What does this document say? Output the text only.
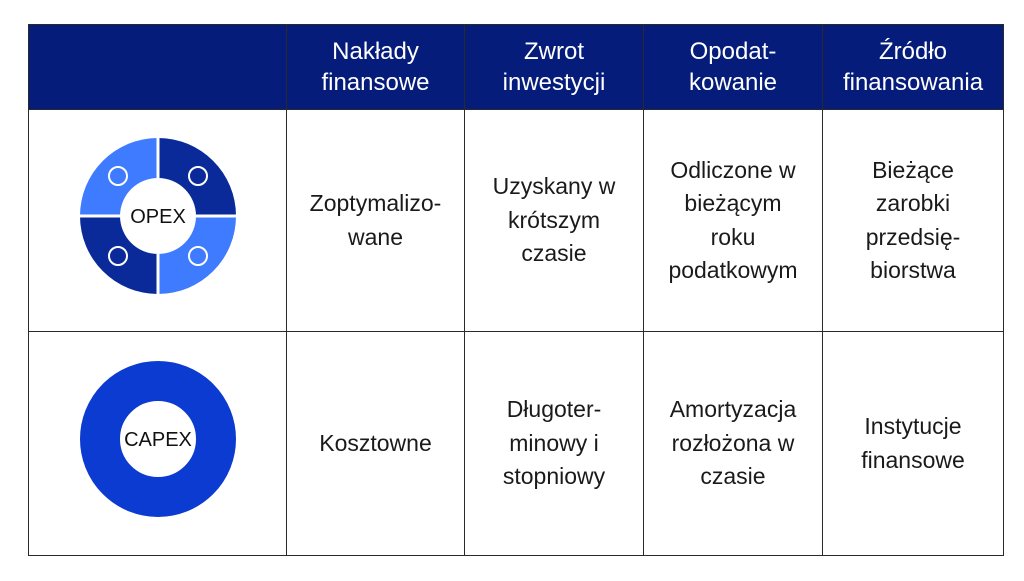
	Nakłady
finansowe	Zwrot
inwestycji	Opodat-
kowanie	Źródło
finansowania

OPEX	Zoptymalizo-
wane	Uzyskany w
krótszym
czasie	Odliczone w
bieżącym
roku
podatkowym	Bieżące
zarobki
przedsię-
biorstwa

CAPEX	Kosztowne	Długoter-
minowy i
stopniowy	Amortyzacja
rozłożona w
czasie	Instytucje
finansowe
